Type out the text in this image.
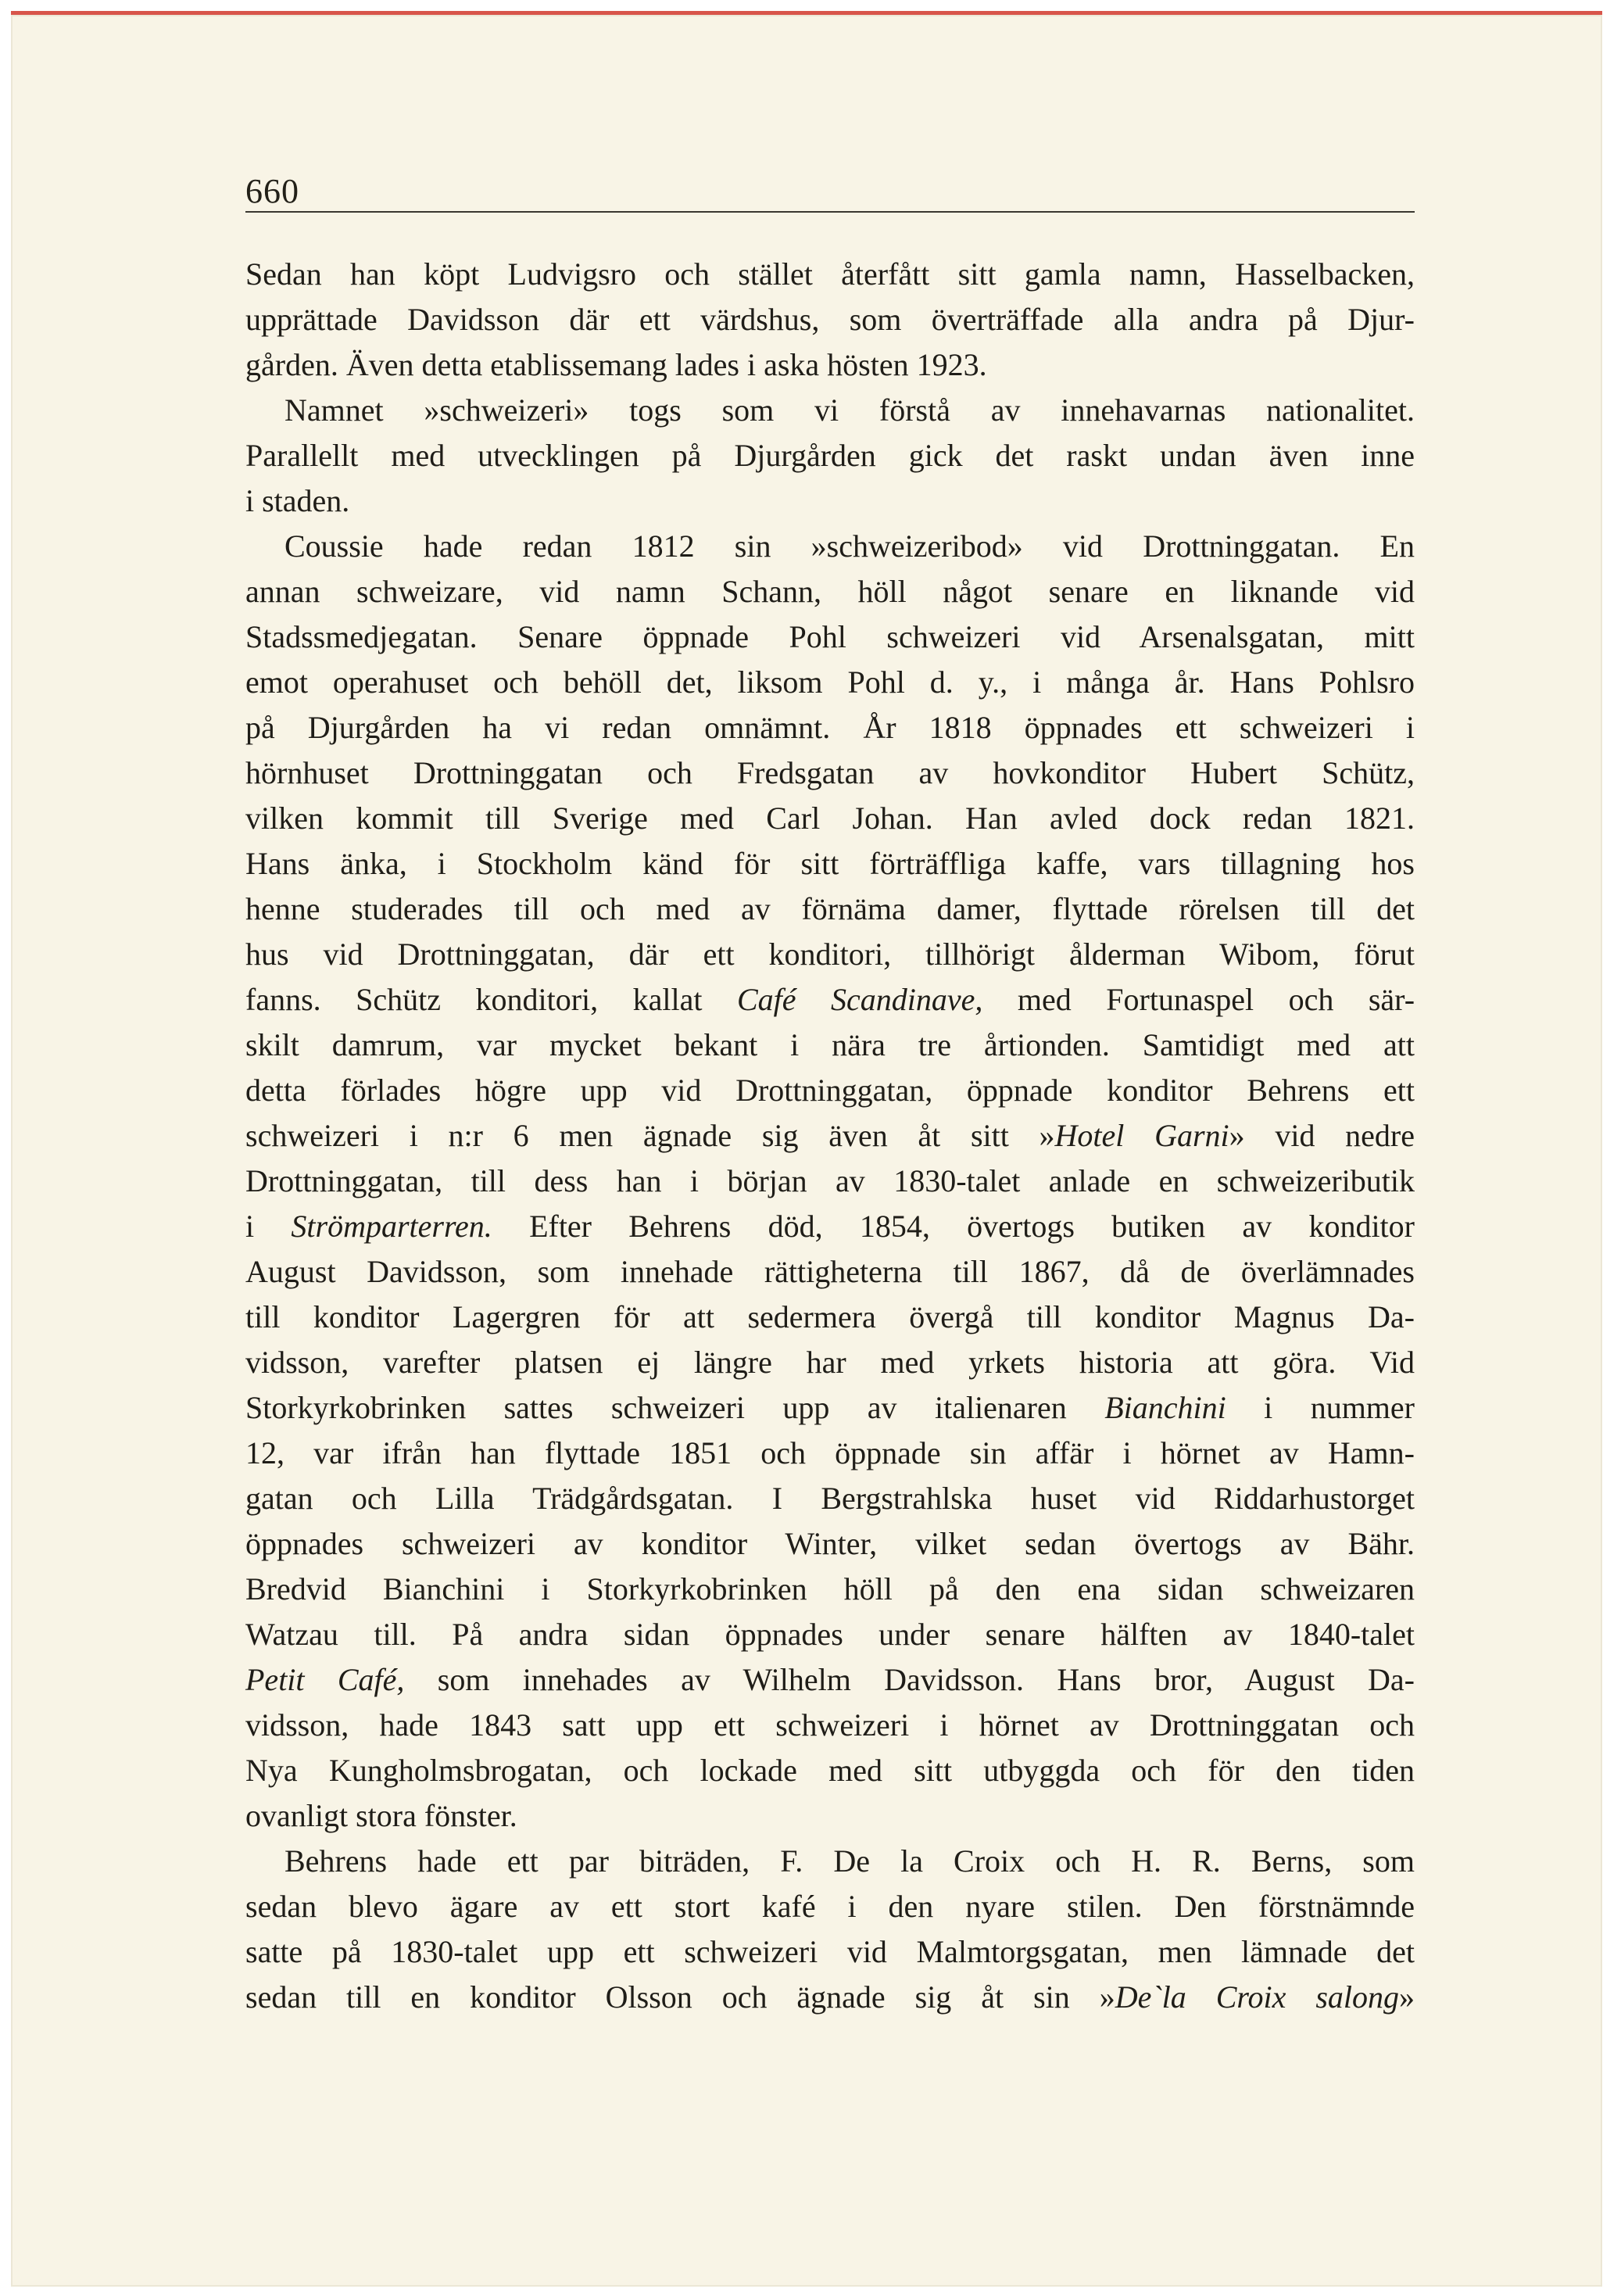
660
Sedan han köpt Ludvigsro och stället återfått sitt gamla namn, Hasselbacken,
upprättade Davidsson där ett värdshus, som överträffade alla andra på Djur-
gården. Även detta etablissemang lades i aska hösten 1923.
Namnet »schweizeri» togs som vi förstå av innehavarnas nationalitet.
Parallellt med utvecklingen på Djurgården gick det raskt undan även inne
i staden.
Coussie hade redan 1812 sin »schweizeribod» vid Drottninggatan. En
annan schweizare, vid namn Schann, höll något senare en liknande vid
Stadssmedjegatan. Senare öppnade Pohl schweizeri vid Arsenalsgatan, mitt
emot operahuset och behöll det, liksom Pohl d. y., i många år. Hans Pohlsro
på Djurgården ha vi redan omnämnt. År 1818 öppnades ett schweizeri i
hörnhuset Drottninggatan och Fredsgatan av hovkonditor Hubert Schütz,
vilken kommit till Sverige med Carl Johan. Han avled dock redan 1821.
Hans änka, i Stockholm känd för sitt förträffliga kaffe, vars tillagning hos
henne studerades till och med av förnäma damer, flyttade rörelsen till det
hus vid Drottninggatan, där ett konditori, tillhörigt ålderman Wibom, förut
fanns. Schütz konditori, kallat Café Scandinave, med Fortunaspel och sär-
skilt damrum, var mycket bekant i nära tre årtionden. Samtidigt med att
detta förlades högre upp vid Drottninggatan, öppnade konditor Behrens ett
schweizeri i n:r 6 men ägnade sig även åt sitt »Hotel Garni» vid nedre
Drottninggatan, till dess han i början av 1830-talet anlade en schweizeributik
i Strömparterren. Efter Behrens död, 1854, övertogs butiken av konditor
August Davidsson, som innehade rättigheterna till 1867, då de överlämnades
till konditor Lagergren för att sedermera övergå till konditor Magnus Da-
vidsson, varefter platsen ej längre har med yrkets historia att göra. Vid
Storkyrkobrinken sattes schweizeri upp av italienaren Bianchini i nummer
12, var ifrån han flyttade 1851 och öppnade sin affär i hörnet av Hamn-
gatan och Lilla Trädgårdsgatan. I Bergstrahlska huset vid Riddarhustorget
öppnades schweizeri av konditor Winter, vilket sedan övertogs av Bähr.
Bredvid Bianchini i Storkyrkobrinken höll på den ena sidan schweizaren
Watzau till. På andra sidan öppnades under senare hälften av 1840-talet
Petit Café, som innehades av Wilhelm Davidsson. Hans bror, August Da-
vidsson, hade 1843 satt upp ett schweizeri i hörnet av Drottninggatan och
Nya Kungholmsbrogatan, och lockade med sitt utbyggda och för den tiden
ovanligt stora fönster.
Behrens hade ett par biträden, F. De la Croix och H. R. Berns, som
sedan blevo ägare av ett stort kafé i den nyare stilen. Den förstnämnde
satte på 1830-talet upp ett schweizeri vid Malmtorgsgatan, men lämnade det
sedan till en konditor Olsson och ägnade sig åt sin »De`la Croix salong»
